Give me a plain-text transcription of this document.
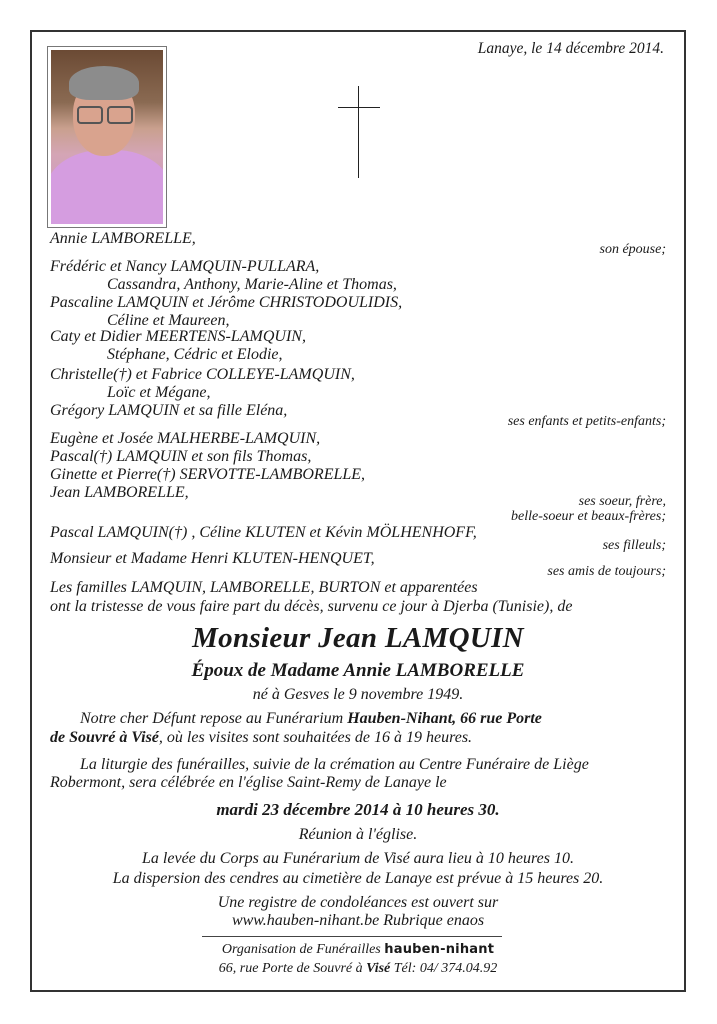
Lanaye, le 14 décembre 2014.
Annie LAMBORELLE,
son épouse;
Frédéric et Nancy LAMQUIN-PULLARA,
Cassandra, Anthony, Marie-Aline et Thomas,
Pascaline LAMQUIN et Jérôme CHRISTODOULIDIS,
Céline et Maureen,
Caty et Didier MEERTENS-LAMQUIN,
Stéphane, Cédric et Elodie,
Christelle(†) et Fabrice COLLEYE-LAMQUIN,
Loïc et Mégane,
Grégory LAMQUIN et sa fille Eléna,
ses enfants et petits-enfants;
Eugène et Josée MALHERBE-LAMQUIN,
Pascal(†) LAMQUIN et son fils Thomas,
Ginette et Pierre(†) SERVOTTE-LAMBORELLE,
Jean LAMBORELLE,
ses soeur, frère,
belle-soeur et beaux-frères;
Pascal LAMQUIN(†) , Céline KLUTEN et Kévin MÖLHENHOFF,
ses filleuls;
Monsieur et Madame Henri KLUTEN-HENQUET,
ses amis de toujours;
Les familles LAMQUIN, LAMBORELLE, BURTON et apparentées
ont la tristesse de vous faire part du décès, survenu ce jour à Djerba (Tunisie), de
Monsieur Jean LAMQUIN
Époux de Madame Annie LAMBORELLE
né à Gesves le 9 novembre 1949.
Notre cher Défunt repose au Funérarium Hauben-Nihant, 66 rue Porte
de Souvré à Visé, où les visites sont souhaitées de 16 à 19 heures.
La liturgie des funérailles, suivie de la crémation au Centre Funéraire de Liège
Robermont, sera célébrée en l'église Saint-Remy de Lanaye le
mardi 23 décembre 2014 à 10 heures 30.
Réunion à l'église.
La levée du Corps au Funérarium de Visé aura lieu à 10 heures 10.
La dispersion des cendres au cimetière de Lanaye est prévue à 15 heures 20.
Une registre de condoléances est ouvert sur
www.hauben-nihant.be Rubrique enaos
Organisation de Funérailles hauben-nihant
66, rue Porte de Souvré à Visé Tél: 04/ 374.04.92
